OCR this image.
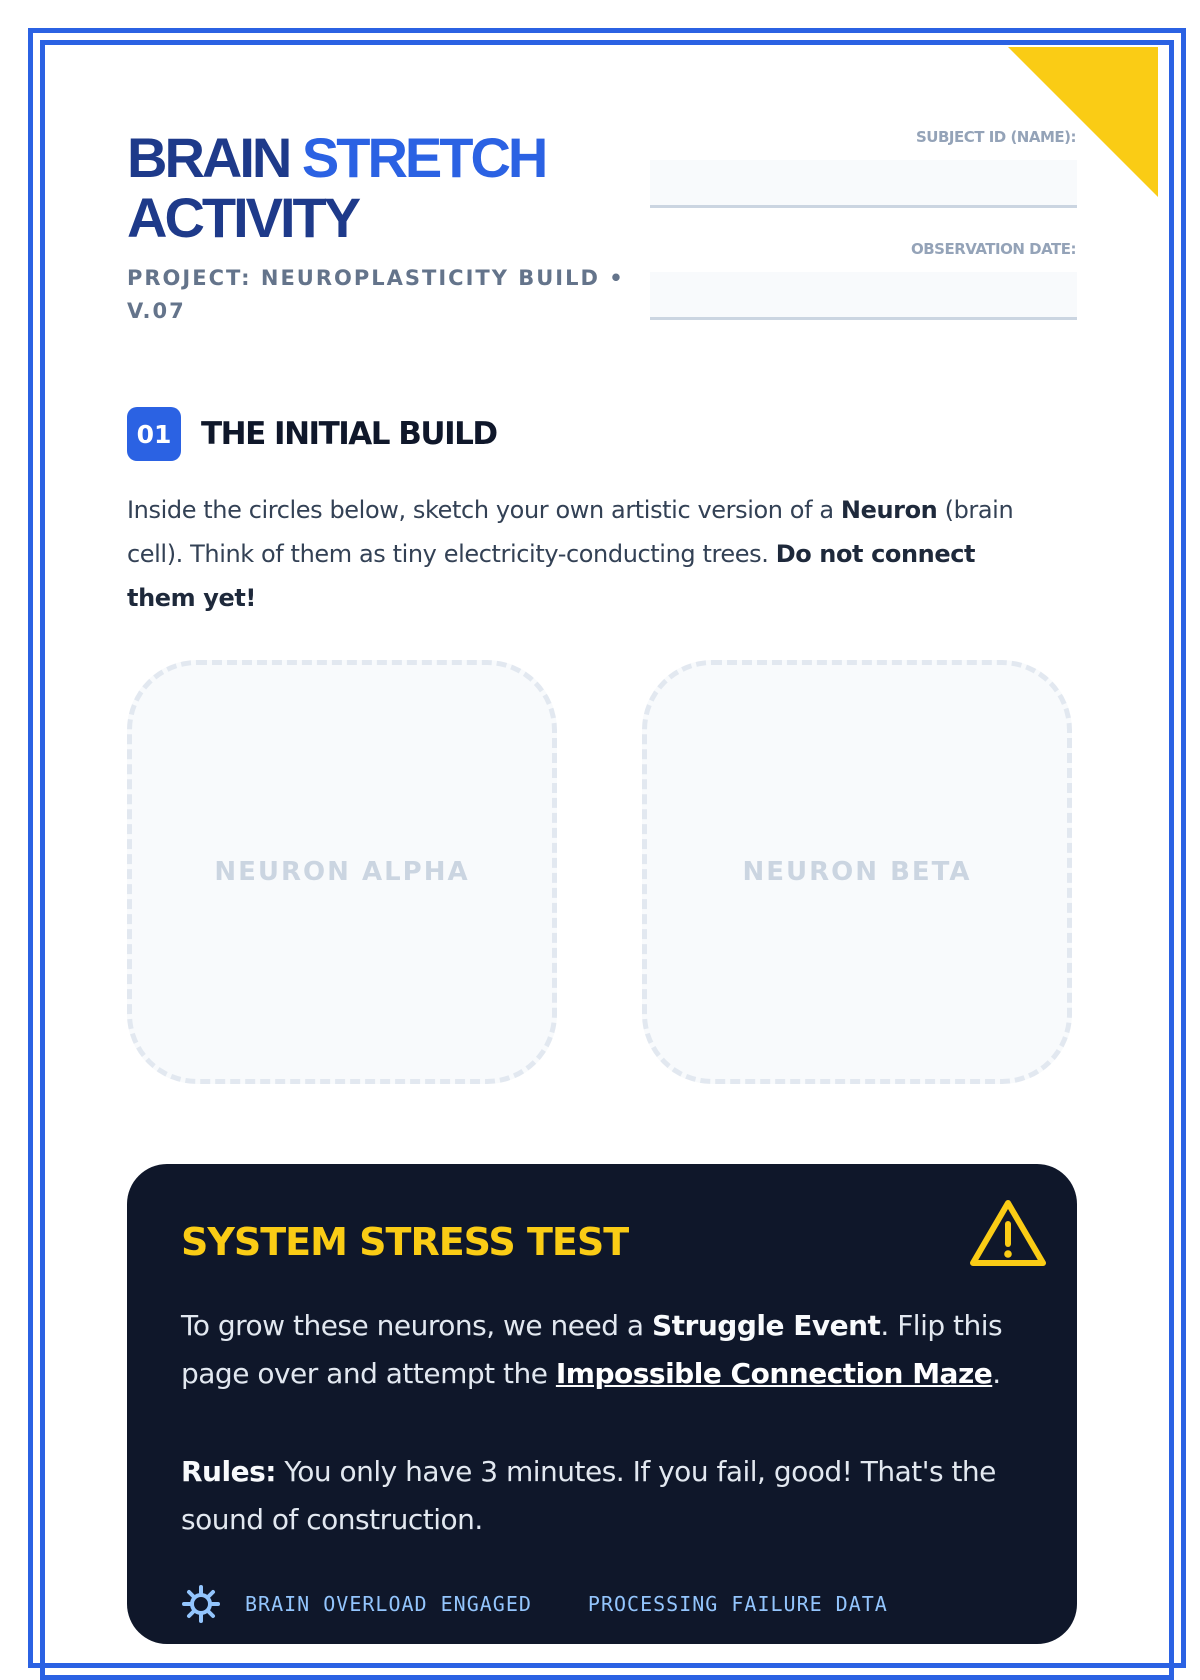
BRAIN STRETCH
ACTIVITY
PROJECT: NEUROPLASTICITY BUILD • V.07
SUBJECT ID (NAME):
OBSERVATION DATE:
01 THE INITIAL BUILD

Inside the circles below, sketch your own artistic version of a Neuron (brain cell). Think of them as tiny electricity-conducting trees. Do not connect them yet!

NEURON ALPHA	NEURON BETA
SYSTEM STRESS TEST

To grow these neurons, we need a Struggle Event. Flip this page over and attempt the Impossible Connection Maze.

Rules: You only have 3 minutes. If you fail, good! That's the sound of construction.

BRAIN OVERLOAD ENGAGED	PROCESSING FAILURE DATA
